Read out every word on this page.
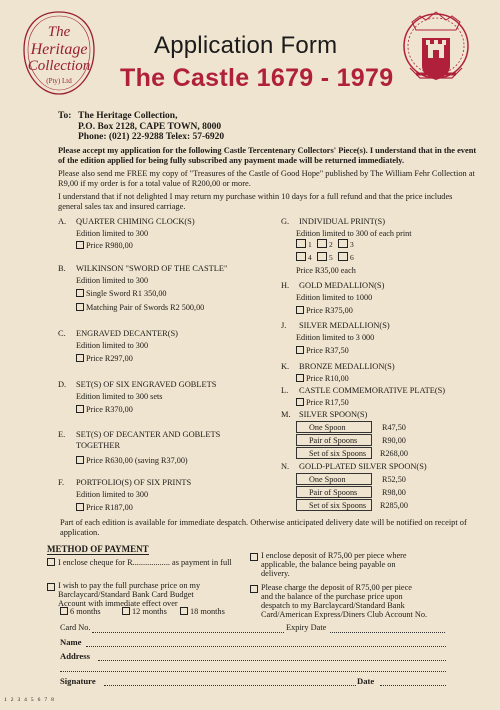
The
Heritage
Collection
(Pty) Ltd
Application Form
The Castle 1679 - 1979
To: The Heritage Collection,
P.O. Box 2128, CAPE TOWN, 8000
Phone: (021) 22-9288 Telex: 57-6920
Please accept my application for the following Castle Tercentenary Collectors' Piece(s). I understand that in the event of the edition applied for being fully subscribed any payment made will be returned immediately.
Please also send me FREE my copy of "Treasures of the Castle of Good Hope" published by The William Fehr Collection at R9,00 if my order is for a total value of R200,00 or more.
I understand that if not delighted I may return my purchase within 10 days for a full refund and that the price includes general sales tax and insured carriage.
A. QUARTER CHIMING CLOCK(S)
Edition limited to 300
Price R980,00
B. WILKINSON "SWORD OF THE CASTLE"
Edition limited to 300
Single Sword R1 350,00
Matching Pair of Swords R2 500,00
C. ENGRAVED DECANTER(S)
Edition limited to 300
Price R297,00
D. SET(S) OF SIX ENGRAVED GOBLETS
Edition limited to 300 sets
Price R370,00
E. SET(S) OF DECANTER AND GOBLETS
TOGETHER
Price R630,00 (saving R37,00)
F. PORTFOLIO(S) OF SIX PRINTS
Edition limited to 300
Price R187,00
G. INDIVIDUAL PRINT(S)
Edition limited to 300 of each print
1 2 3
4 5 6
Price R35,00 each
H. GOLD MEDALLION(S)
Edition limited to 1000
Price R375,00
J. SILVER MEDALLION(S)
Edition limited to 3 000
Price R37,50
K. BRONZE MEDALLION(S)
Price R10,00
L. CASTLE COMMEMORATIVE PLATE(S)
Price R17,50
M. SILVER SPOON(S)
One Spoon	R47,50
Pair of Spoons	R90,00
Set of six Spoons R268,00
N. GOLD-PLATED SILVER SPOON(S)
One Spoon	R52,50
Pair of Spoons	R98,00
Set of six Spoons R285,00
Part of each edition is available for immediate despatch. Otherwise anticipated delivery date will be notified on receipt of application.
METHOD OF PAYMENT
I enclose cheque for R.................. as payment in full
I wish to pay the full purchase price on my
Barclaycard/Standard Bank Card Budget
Account with immediate effect over
6 months	12 months	18 months
I enclose deposit of R75,00 per piece where
applicable, the balance being payable on
delivery.
Please charge the deposit of R75,00 per piece
and the balance of the purchase price upon
despatch to my Barclaycard/Standard Bank
Card/American Express/Diners Club Account No.
Card No.	Expiry Date
Name
Address
Signature	Date
1 2 3 4 5 6 7 8
